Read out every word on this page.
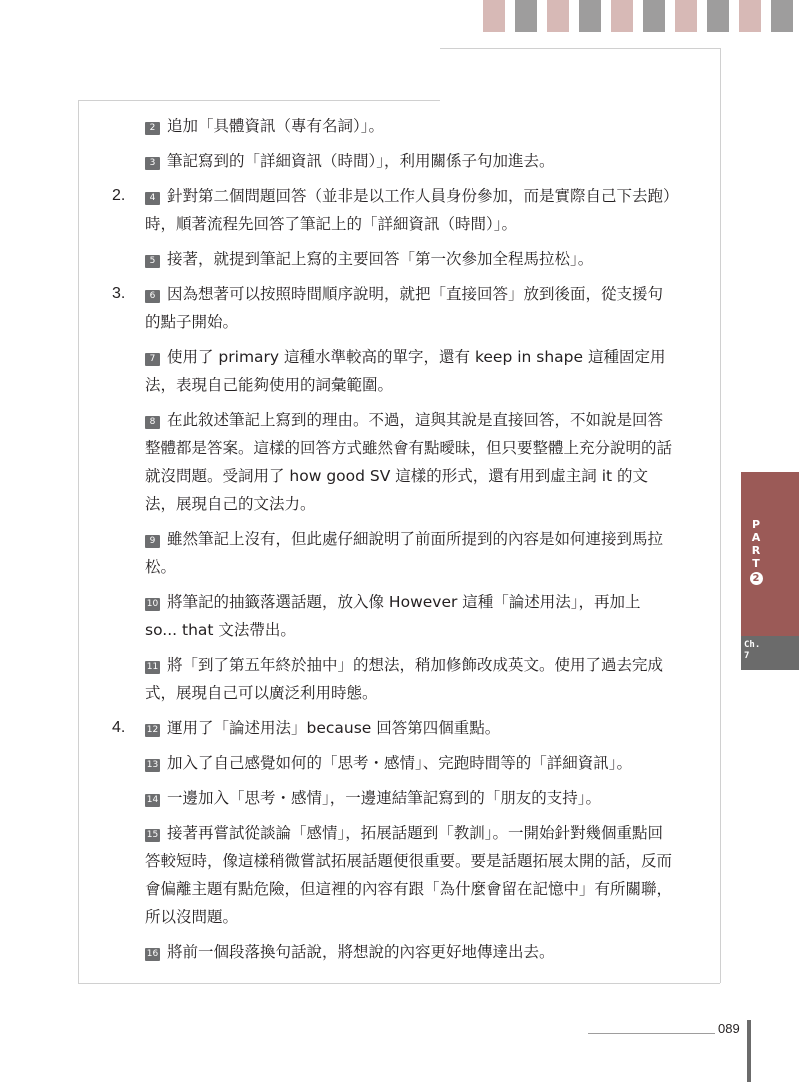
P
A
R
T
2
Ch.
7
2 追加「具體資訊（專有名詞）」。
3 筆記寫到的「詳細資訊（時間）」，利用關係子句加進去。
2.	4 針對第二個問題回答（並非是以工作人員身份參加，而是實際自己下去跑）時，順著流程先回答了筆記上的「詳細資訊（時間）」。
5 接著，就提到筆記上寫的主要回答「第一次參加全程馬拉松」。
3.	6 因為想著可以按照時間順序說明，就把「直接回答」放到後面，從支援句的點子開始。
7 使用了 primary 這種水準較高的單字，還有 keep in shape 這種固定用法，表現自己能夠使用的詞彙範圍。
8 在此敘述筆記上寫到的理由。不過，這與其說是直接回答，不如說是回答整體都是答案。這樣的回答方式雖然會有點曖昧，但只要整體上充分說明的話就沒問題。受詞用了 how good SV 這樣的形式，還有用到虛主詞 it 的文法，展現自己的文法力。
9 雖然筆記上沒有，但此處仔細說明了前面所提到的內容是如何連接到馬拉松。
10 將筆記的抽籤落選話題，放入像 However 這種「論述用法」，再加上 so... that 文法帶出。
11 將「到了第五年終於抽中」的想法，稍加修飾改成英文。使用了過去完成式，展現自己可以廣泛利用時態。
4. 12 運用了「論述用法」because 回答第四個重點。
13 加入了自己感覺如何的「思考・感情」、完跑時間等的「詳細資訊」。
14 一邊加入「思考・感情」，一邊連結筆記寫到的「朋友的支持」。
15 接著再嘗試從談論「感情」，拓展話題到「教訓」。一開始針對幾個重點回答較短時，像這樣稍微嘗試拓展話題便很重要。要是話題拓展太開的話，反而會偏離主題有點危險，但這裡的內容有跟「為什麼會留在記憶中」有所關聯，所以沒問題。
16 將前一個段落換句話說，將想說的內容更好地傳達出去。
089
